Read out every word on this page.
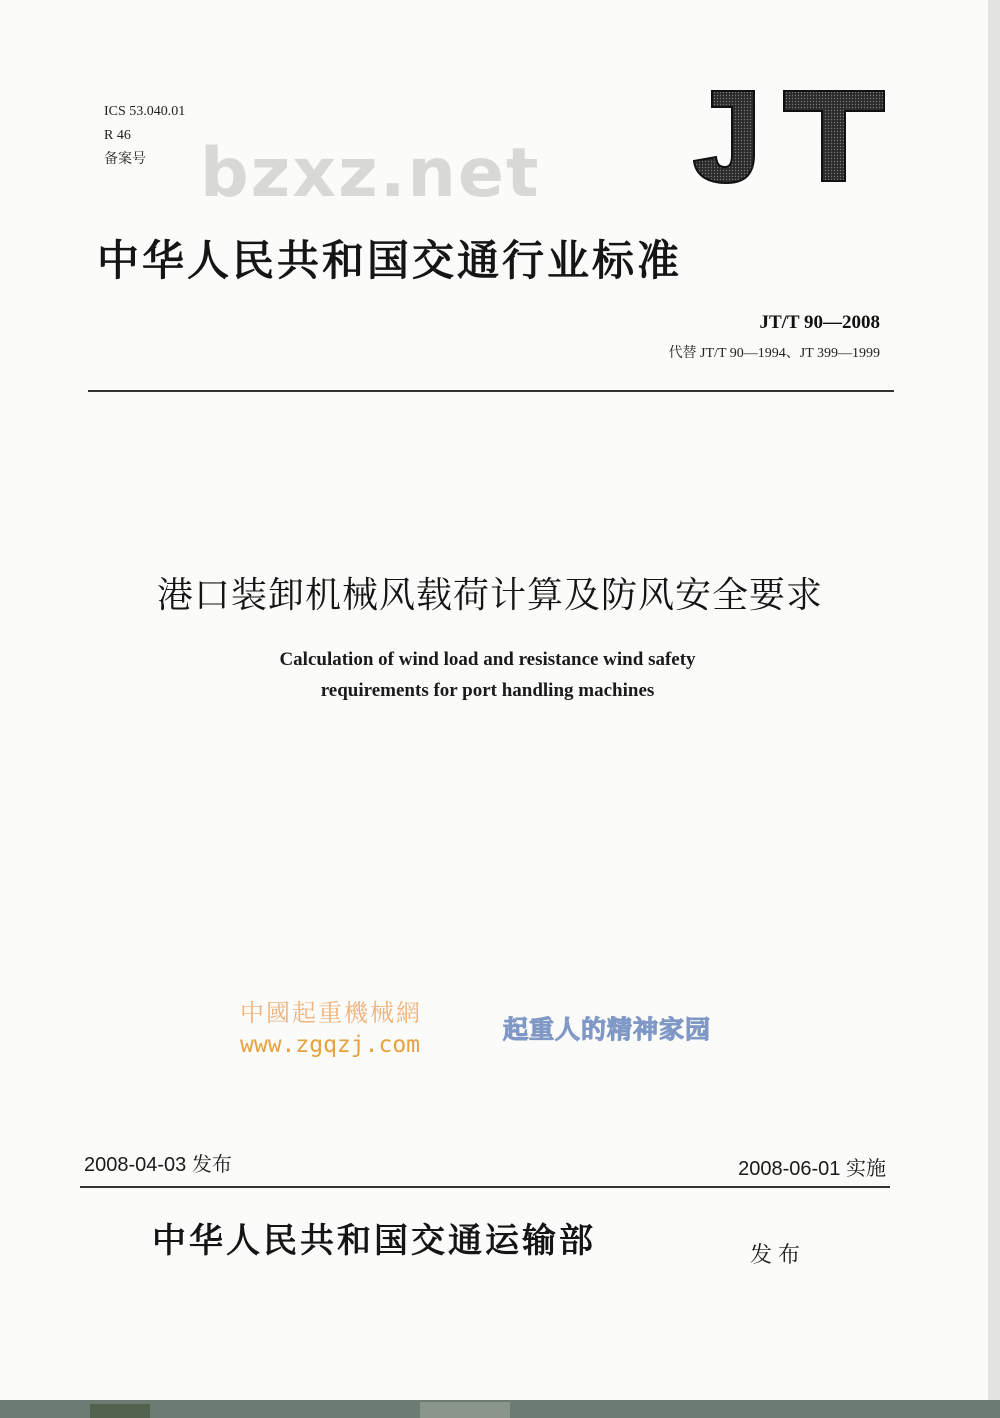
ICS 53.040.01
R 46
备案号 bzxz.net
中华人民共和国交通行业标准
JT/T 90—2008
代替 JT/T 90—1994、JT 399—1999
港口装卸机械风载荷计算及防风安全要求
Calculation of wind load and resistance wind safety
requirements for port handling machines
中國起重機械網
www.zgqzj.com
起重人的精神家园
2008-04-03 发布	2008-06-01 实施
中华人民共和国交通运输部	发布
